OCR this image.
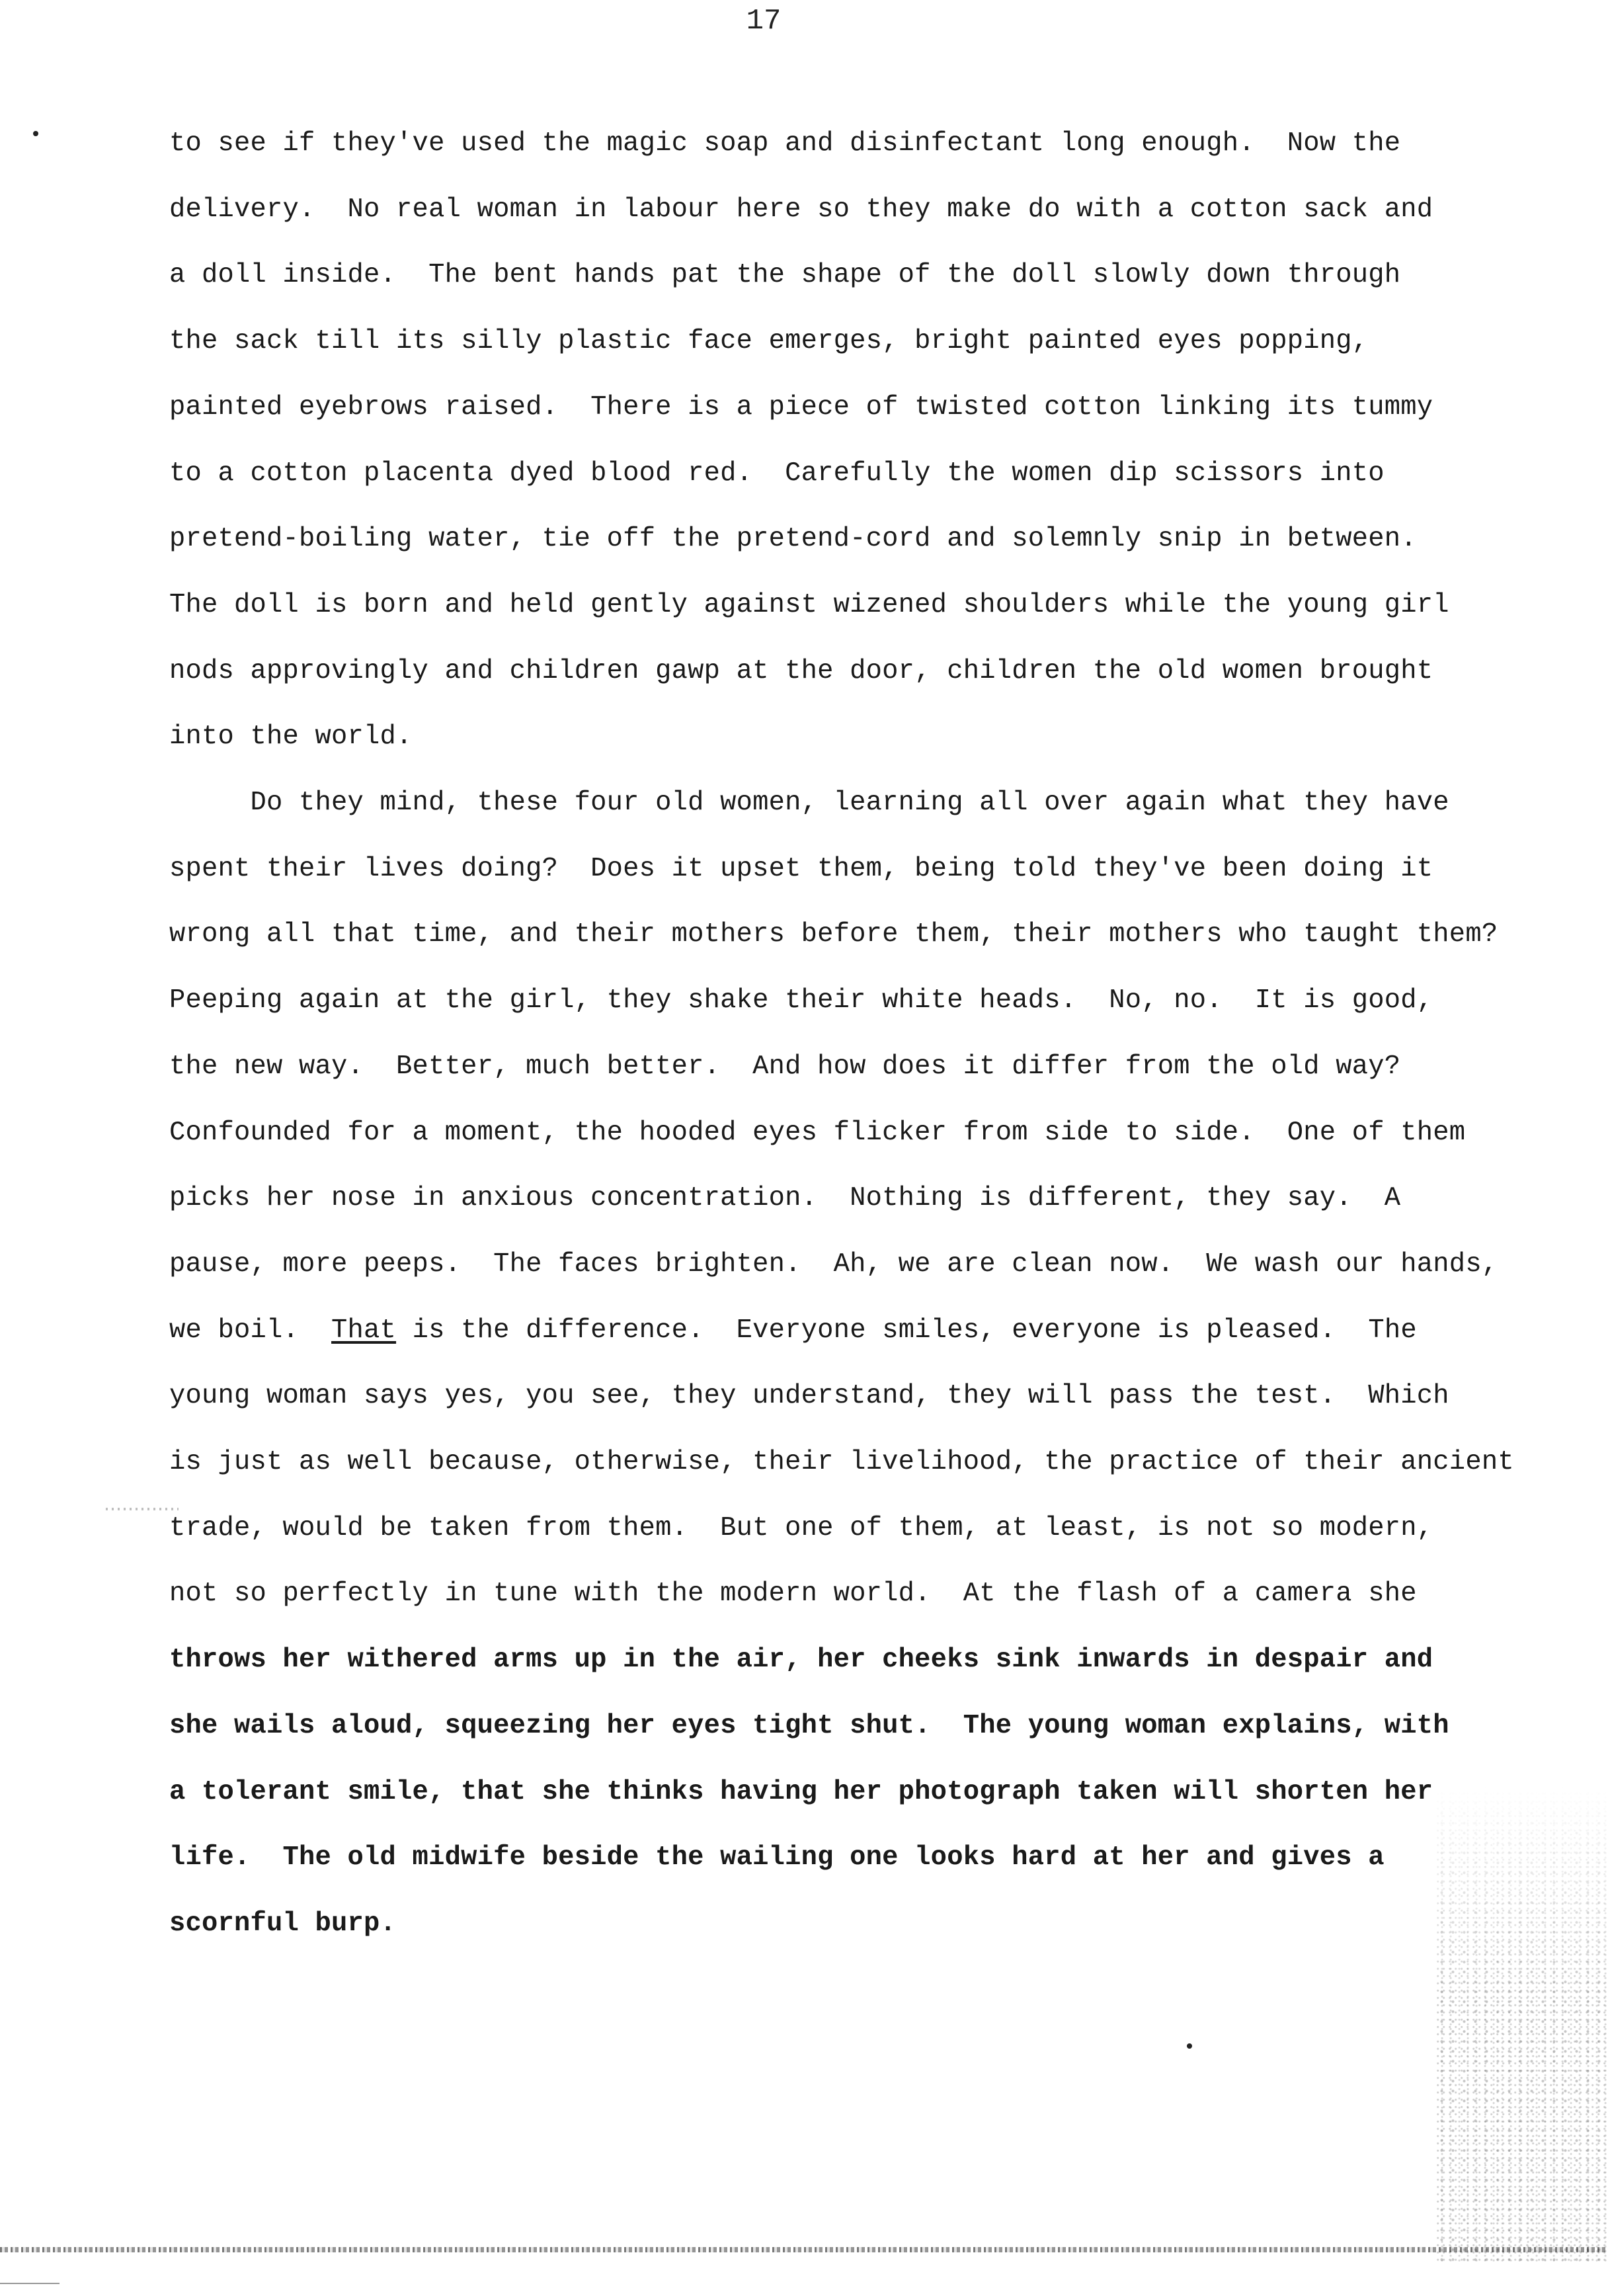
17

to see if they've used the magic soap and disinfectant long enough.  Now the

delivery.  No real woman in labour here so they make do with a cotton sack and

a doll inside.  The bent hands pat the shape of the doll slowly down through

the sack till its silly plastic face emerges, bright painted eyes popping,

painted eyebrows raised.  There is a piece of twisted cotton linking its tummy

to a cotton placenta dyed blood red.  Carefully the women dip scissors into

pretend-boiling water, tie off the pretend-cord and solemnly snip in between.

The doll is born and held gently against wizened shoulders while the young girl

nods approvingly and children gawp at the door, children the old women brought

into the world.

Do they mind, these four old women, learning all over again what they have

spent their lives doing?  Does it upset them, being told they've been doing it

wrong all that time, and their mothers before them, their mothers who taught them?

Peeping again at the girl, they shake their white heads.  No, no.  It is good,

the new way.  Better, much better.  And how does it differ from the old way?

Confounded for a moment, the hooded eyes flicker from side to side.  One of them

picks her nose in anxious concentration.  Nothing is different, they say.  A

pause, more peeps.  The faces brighten.  Ah, we are clean now.  We wash our hands,

we boil.  That is the difference.  Everyone smiles, everyone is pleased.  The

young woman says yes, you see, they understand, they will pass the test.  Which

is just as well because, otherwise, their livelihood, the practice of their ancient

trade, would be taken from them.  But one of them, at least, is not so modern,

not so perfectly in tune with the modern world.  At the flash of a camera she

throws her withered arms up in the air, her cheeks sink inwards in despair and

she wails aloud, squeezing her eyes tight shut.  The young woman explains, with

a tolerant smile, that she thinks having her photograph taken will shorten her

life.  The old midwife beside the wailing one looks hard at her and gives a

scornful burp.
